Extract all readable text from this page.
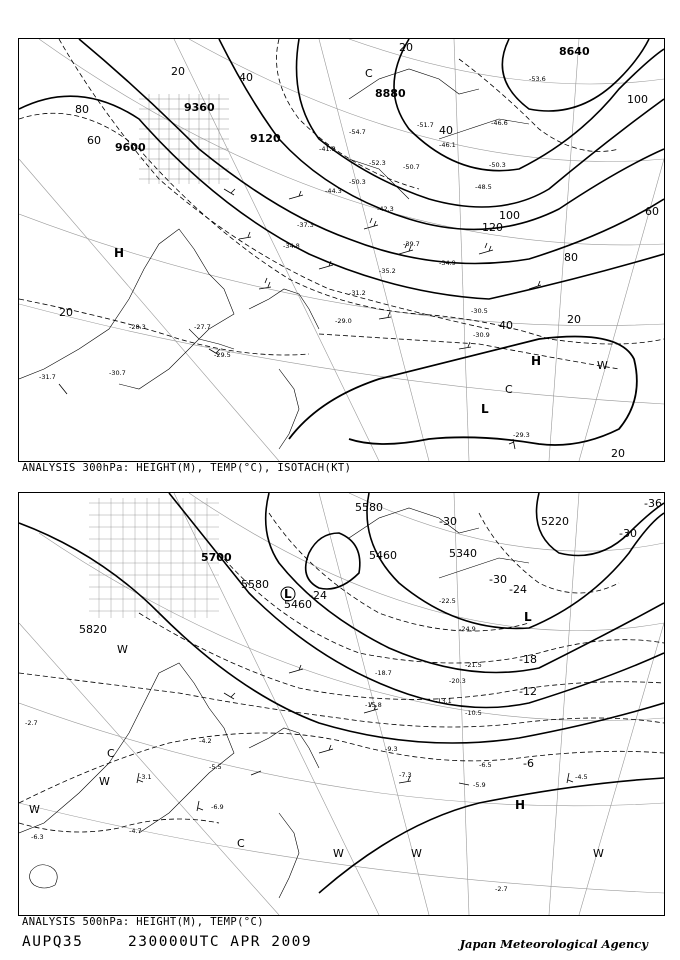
9360
9600
9120
8880
8640
20
40
60
80
100
120
20
20
40
40
60
80
100
20
20
H
H
L
C
C
W
-28.3	-27.7
-29.5
-30.7
-31.7
-29.3
-29.0
-30.5
-30.9
-39.7
-37.3
-34.8
-42.3
-44.3
-50.3
-52.3
-46.1
-48.5
-51.7
-54.7
-34.9
-31.2
-35.2
-41.3
-46.6
-53.6
-50.3
-50.7
ANALYSIS 300hPa: HEIGHT(M), TEMP(°C), ISOTACH(KT)
5700
5580
5460
5340
5220
5820
5580
5460
-30
-24
-18
-12
-6
-30
-24
-30
-36
L
L
H
C
C
W
W
W	W	W
W
-5.5
-6.9
-4.7
-3.1
-2.7
-6.3
-4.5
-5.9
-6.5
-9.3
-7.3
-22.5
-21.5
-13.1
-10.5
-18.7
-15.8
-20.3
-24.9
-2.7
-4.2
ANALYSIS 500hPa: HEIGHT(M), TEMP(°C)
AUPQ35	230000UTC APR 2009	Japan Meteorological Agency
